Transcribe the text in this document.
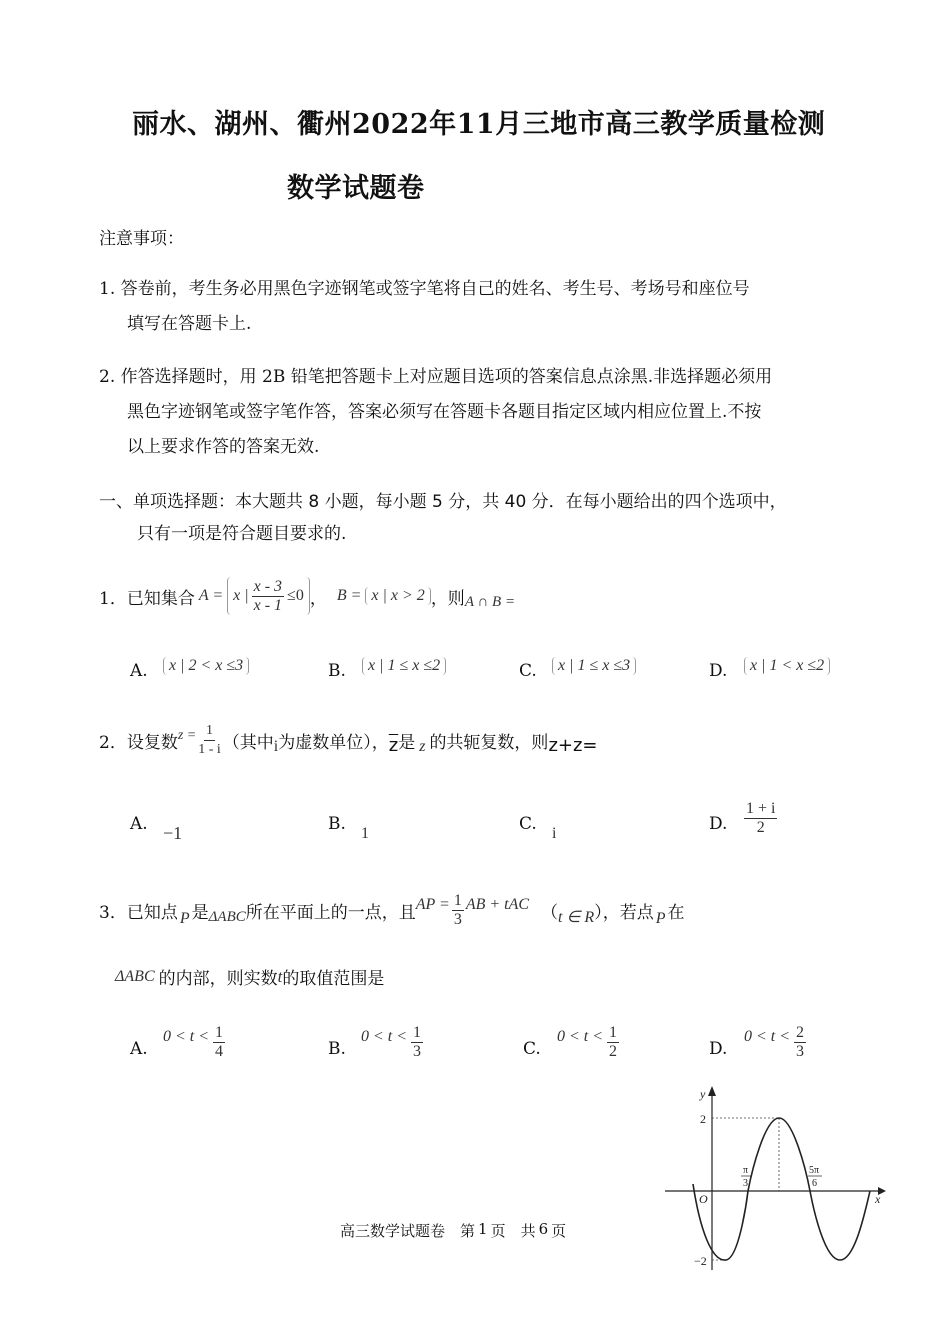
丽水、湖州、衢州2022年11月三地市高三教学质量检测
数学试题卷
注意事项：
1. 答卷前，考生务必用黑色字迹钢笔或签字笔将自己的姓名、考生号、考场号和座位号
填写在答题卡上.
2. 作答选择题时，用 2B 铅笔把答题卡上对应题目选项的答案信息点涂黑.非选择题必须用
黑色字迹钢笔或签字笔作答，答案必须写在答题卡各题目指定区域内相应位置上.不按
以上要求作答的答案无效.
一、单项选择题：本大题共 8 小题，每小题 5 分，共 40 分．在每小题给出的四个选项中，
只有一项是符合题目要求的.
1．已知集合 A = x | $\frac{x - 3}{x - 1} \le 0$ ， B = x | x > 2 ，则 A ∩ B =
A.	x | 2 < x ≤3	B.	x | 1 ≤ x ≤2	C.	x | 1 ≤ x ≤3	D.	x | 1 < x ≤2
2．设复数 $z = \frac{1}{1 - i}$ （其中 i 为虚数单位）， $\overline{z}$ 是 z 的共轭复数，则 z+z=
A. −1	B. 1	C. i	D. $\frac{1 + i}{2}$
3．已知点 P 是 ΔABC 所在平面上的一点，且 AP = $\frac{1}{3}$ AB + tAC （ t ∈ R ），若点 P 在
ΔABC 的内部，则实数 t 的取值范围是
A.
$0 < t < \frac{1}{4}$	B.
$0 < t < \frac{1}{3}$	C.
$0 < t < \frac{1}{2}$	D.
$0 < t < \frac{2}{3}$
y
x
O
2
−2
π
3
5π
6
高三数学试题卷　第 1 页　共 6 页
